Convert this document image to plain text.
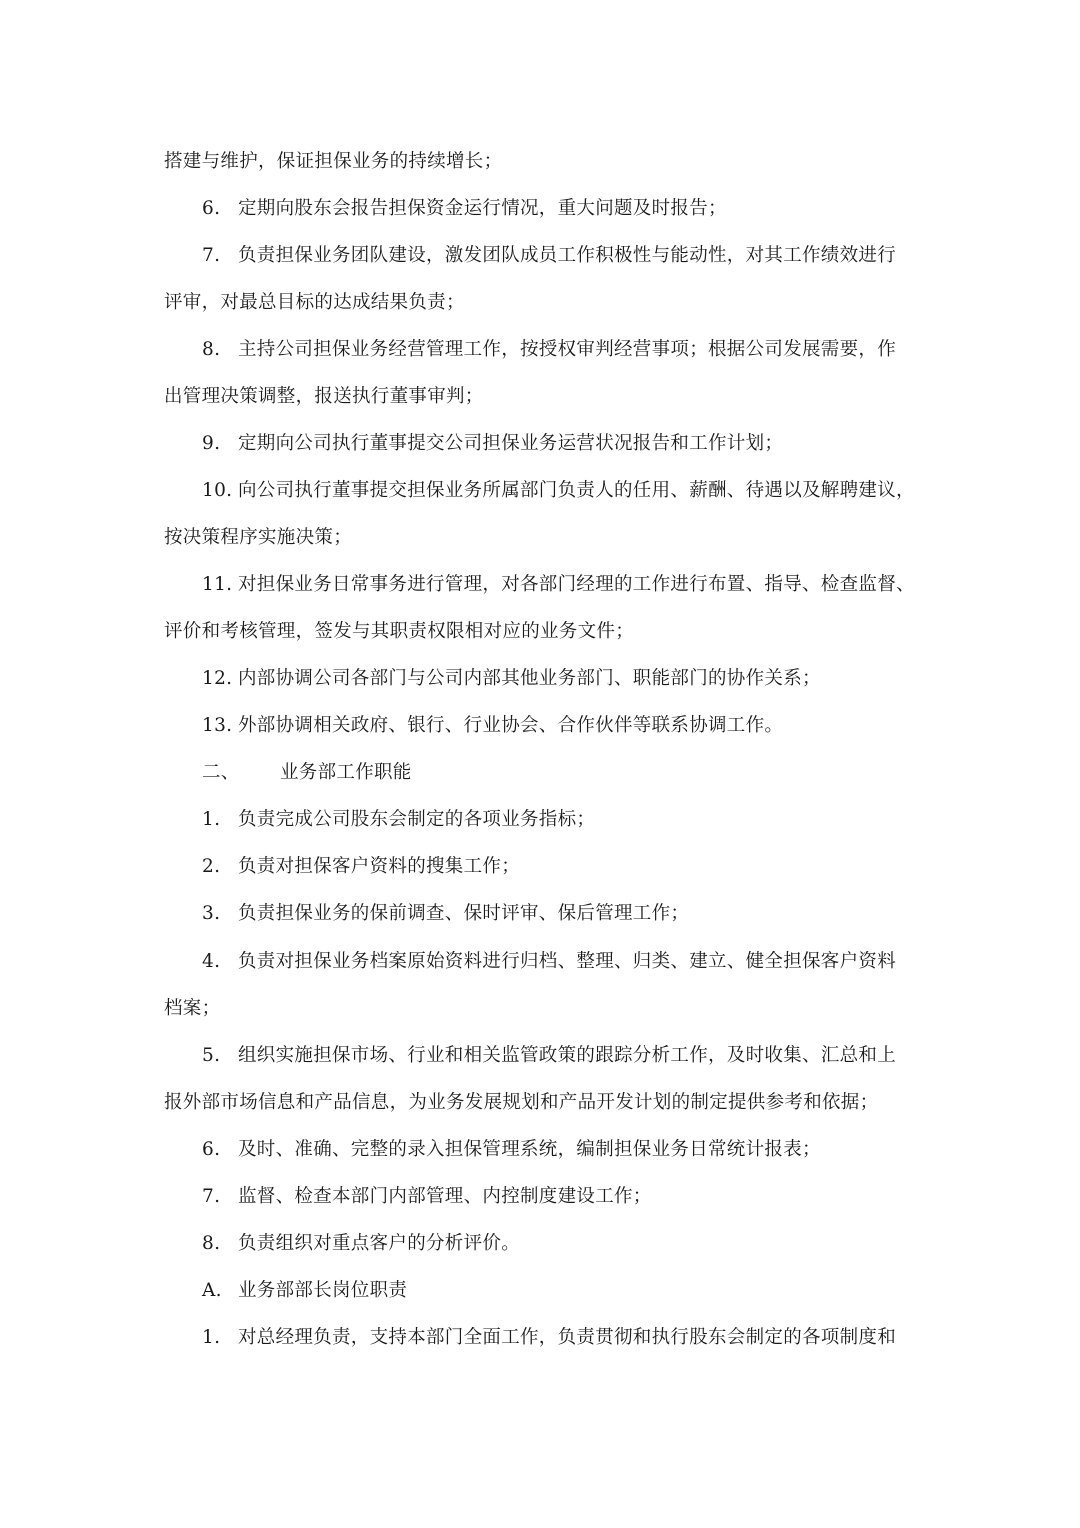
搭建与维护，保证担保业务的持续增长；
6. 定期向股东会报告担保资金运行情况，重大问题及时报告；
7. 负责担保业务团队建设，激发团队成员工作积极性与能动性，对其工作绩效进行
评审，对最总目标的达成结果负责；
8. 主持公司担保业务经营管理工作，按授权审判经营事项；根据公司发展需要，作
出管理决策调整，报送执行董事审判；
9. 定期向公司执行董事提交公司担保业务运营状况报告和工作计划；
10. 向公司执行董事提交担保业务所属部门负责人的任用、薪酬、待遇以及解聘建议，
按决策程序实施决策；
11. 对担保业务日常事务进行管理，对各部门经理的工作进行布置、指导、检查监督、
评价和考核管理，签发与其职责权限相对应的业务文件；
12. 内部协调公司各部门与公司内部其他业务部门、职能部门的协作关系；
13. 外部协调相关政府、银行、行业协会、合作伙伴等联系协调工作。
二、 业务部工作职能
1. 负责完成公司股东会制定的各项业务指标；
2. 负责对担保客户资料的搜集工作；
3. 负责担保业务的保前调查、保时评审、保后管理工作；
4. 负责对担保业务档案原始资料进行归档、整理、归类、建立、健全担保客户资料
档案；
5. 组织实施担保市场、行业和相关监管政策的跟踪分析工作，及时收集、汇总和上
报外部市场信息和产品信息，为业务发展规划和产品开发计划的制定提供参考和依据；
6. 及时、准确、完整的录入担保管理系统，编制担保业务日常统计报表；
7. 监督、检查本部门内部管理、内控制度建设工作；
8. 负责组织对重点客户的分析评价。
A. 业务部部长岗位职责
1. 对总经理负责，支持本部门全面工作，负责贯彻和执行股东会制定的各项制度和
